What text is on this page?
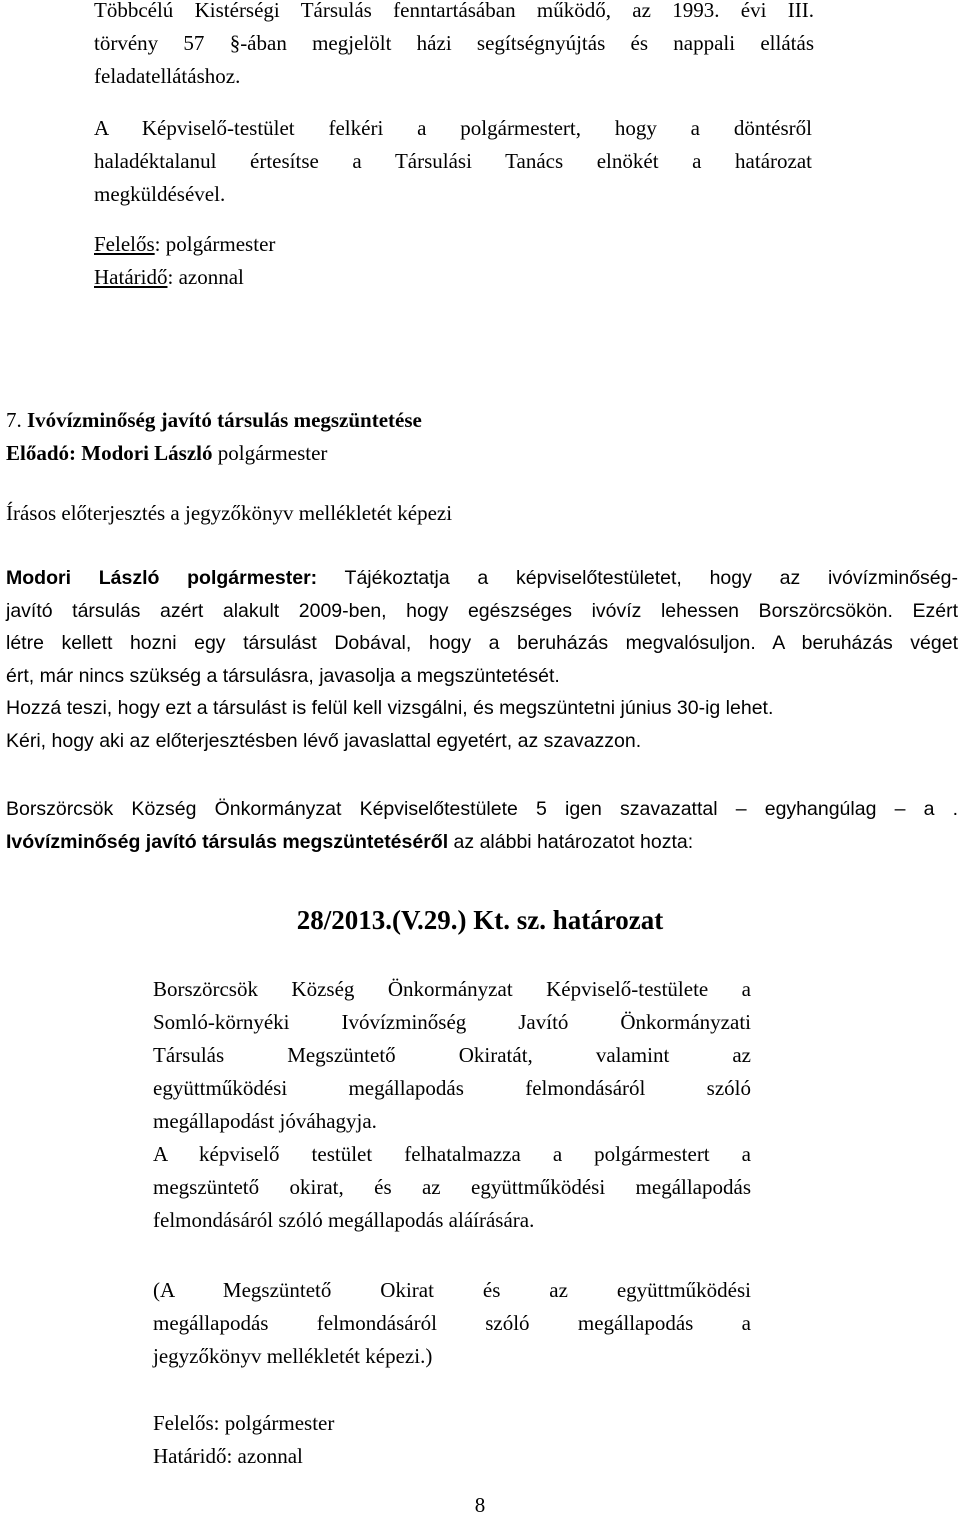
Többcélú Kistérségi Társulás fenntartásában működő, az 1993. évi III.
törvény 57 §-ában megjelölt házi segítségnyújtás és nappali ellátás
feladatellátáshoz.
A Képviselő-testület felkéri a polgármestert, hogy a döntésről
haladéktalanul értesítse a Társulási Tanács elnökét a határozat
megküldésével.
Felelős: polgármester
Határidő: azonnal
7. Ivóvízminőség javító társulás megszüntetése
Előadó: Modori László polgármester
Írásos előterjesztés a jegyzőkönyv mellékletét képezi
Modori László polgármester: Tájékoztatja a képviselőtestületet, hogy az ivóvízminőség-
javító társulás azért alakult 2009-ben, hogy egészséges ivóvíz lehessen Borszörcsökön. Ezért
létre kellett hozni egy társulást Dobával, hogy a beruházás megvalósuljon. A beruházás véget
ért, már nincs szükség a társulásra, javasolja a megszüntetését.
Hozzá teszi, hogy ezt a társulást is felül kell vizsgálni, és megszüntetni június 30-ig lehet.
Kéri, hogy aki az előterjesztésben lévő javaslattal egyetért, az szavazzon.
Borszörcsök Község Önkormányzat Képviselőtestülete 5 igen szavazattal – egyhangúlag – a .
Ivóvízminőség javító társulás megszüntetéséről az alábbi határozatot hozta:
28/2013.(V.29.) Kt. sz. határozat
Borszörcsök Község Önkormányzat Képviselő-testülete a
Somló-környéki Ivóvízminőség Javító Önkormányzati
Társulás Megszüntető Okiratát, valamint az
együttműködési megállapodás felmondásáról szóló
megállapodást jóváhagyja.
A képviselő testület felhatalmazza a polgármestert a
megszüntető okirat, és az együttműködési megállapodás
felmondásáról szóló megállapodás aláírására.
(A Megszüntető Okirat és az együttműködési
megállapodás felmondásáról szóló megállapodás a
jegyzőkönyv mellékletét képezi.)
Felelős: polgármester
Határidő: azonnal
8
